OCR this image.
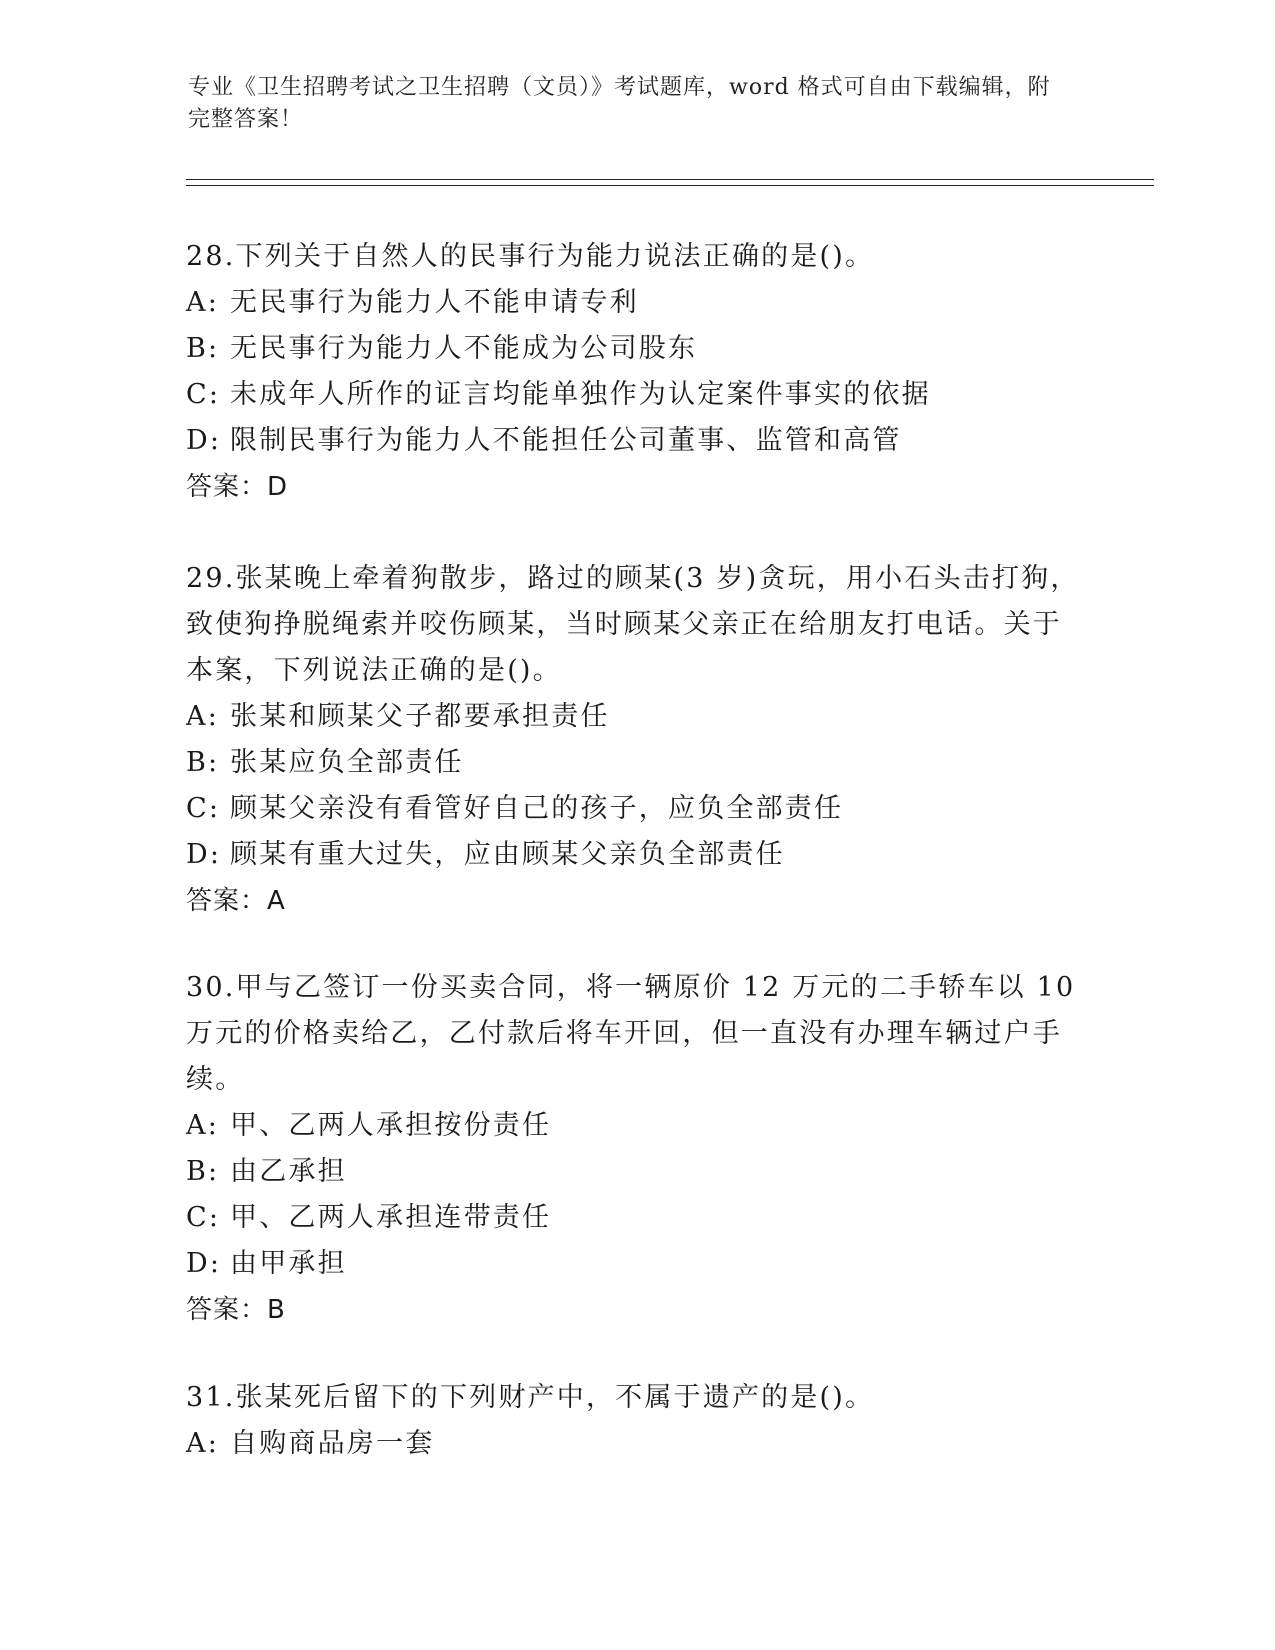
专业《卫生招聘考试之卫生招聘（文员）》考试题库，word 格式可自由下载编辑，附完整答案！

28.下列关于自然人的民事行为能力说法正确的是()。

A: 无民事行为能力人不能申请专利

B: 无民事行为能力人不能成为公司股东

C: 未成年人所作的证言均能单独作为认定案件事实的依据

D: 限制民事行为能力人不能担任公司董事、监管和高管

答案：D

29.张某晚上牵着狗散步，路过的顾某(3 岁)贪玩，用小石头击打狗，致使狗挣脱绳索并咬伤顾某，当时顾某父亲正在给朋友打电话。关于本案，下列说法正确的是()。

A: 张某和顾某父子都要承担责任

B: 张某应负全部责任

C: 顾某父亲没有看管好自己的孩子，应负全部责任

D: 顾某有重大过失，应由顾某父亲负全部责任

答案：A

30.甲与乙签订一份买卖合同，将一辆原价 12 万元的二手轿车以 10 万元的价格卖给乙，乙付款后将车开回，但一直没有办理车辆过户手续。

A: 甲、乙两人承担按份责任

B: 由乙承担

C: 甲、乙两人承担连带责任

D: 由甲承担

答案：B

31.张某死后留下的下列财产中，不属于遗产的是()。

A: 自购商品房一套
